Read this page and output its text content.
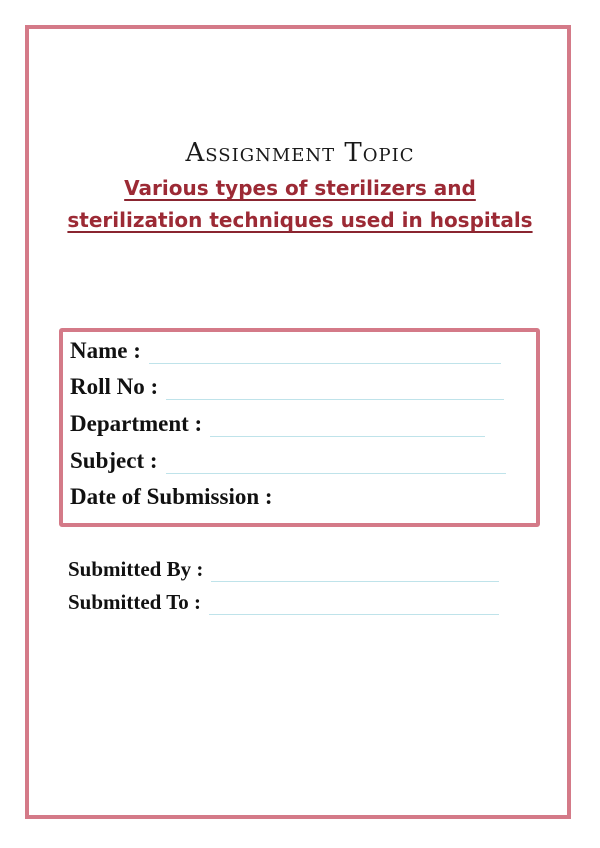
Assignment Topic
Various types of sterilizers and
sterilization techniques used in hospitals
Name :
Roll No :
Department :
Subject :
Date of Submission :
Submitted By :
Submitted To :
